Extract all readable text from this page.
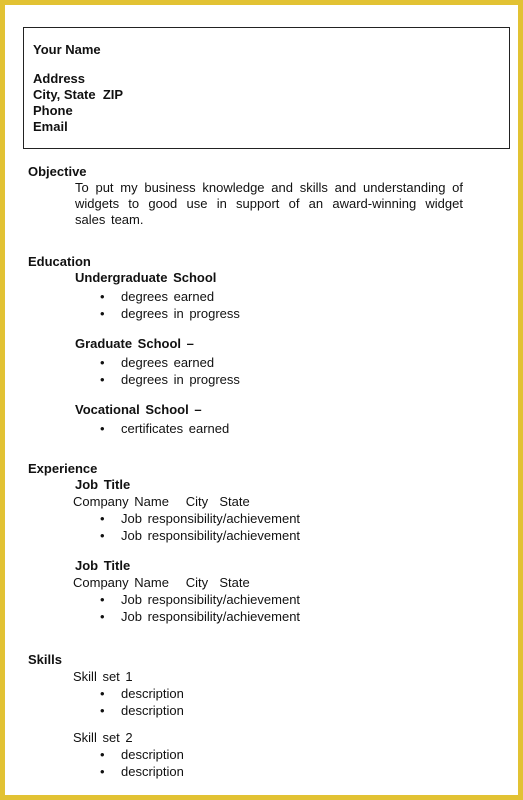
Your Name
Address
City, State  ZIP
Phone
Email
Objective
To put my business knowledge and skills and understanding of widgets to good use in support of an award-winning widget sales team.
Education
Undergraduate School
• degrees earned
• degrees in progress
Graduate School –
• degrees earned
• degrees in progress
Vocational School –
• certificates earned
Experience
Job Title
Company Name   City  State
• Job responsibility/achievement
• Job responsibility/achievement
Job Title
Company Name   City  State
• Job responsibility/achievement
• Job responsibility/achievement
Skills
Skill set 1
• description
• description
Skill set 2
• description
• description
